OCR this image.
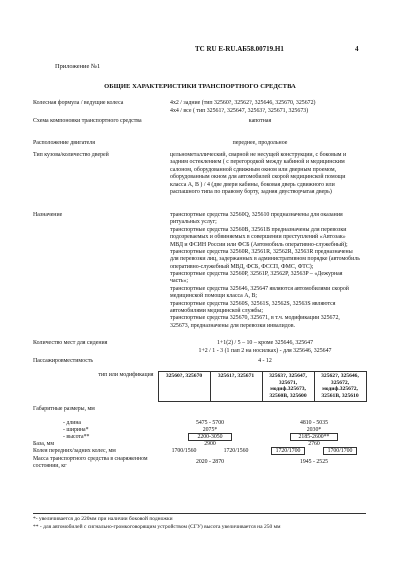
ТС RU E-RU.АБ58.00719.Н1	4
Приложение №1
ОБЩИЕ ХАРАКТЕРИСТИКИ ТРАНСПОРТНОГО СРЕДСТВА
Колесная формула / ведущие колеса	4х2 / задние (тип 32560?, 32562?, 325646, 325670, 325672)
4х4 / все ( тип 32561?, 325647, 32563?, 325671, 325673)
Схема компоновки транспортного средства	капотная
Расположение двигателя	переднее, продольное
Тип кузова/количество дверей	цельнометаллический, сварной не несущей конструкции, с боковым и задним остеклением ( с перегородкой между кабиной и медицинским салоном, оборудованной сдвижным окном или дверным проемом, оборудованным окном для автомобилей скорой медицинской помощи класса А, В ) / 4 (две двери кабины, боковая дверь сдвижного или распашного типа по правому борту, задняя двустворчатая дверь)
Назначение	транспортные средства 32560Q, 325610 предназначены для оказания ритуальных услуг;
транспортные средства 32560B, 32561B предназначены для перевозки подозреваемых и обвиняемых в совершении преступлений «Автозак» МВД и ФСИН России или ФСБ (Автомобиль оперативно-служебный);
транспортные средства 32560R, 32561R, 32562R, 32563R предназначены для перевозки лиц, задержанных в административном порядке (автомобиль оперативно-служебный МВД, ФСБ, ФССП, ФМС, ФТС);
транспортные средства 32560P, 32561P, 32562P, 32563P – «Дежурная часть»;
транспортные средства 325646, 325647 являются автомобилями скорой медицинской помощи класса А, В;
транспортные средства 32560S, 32561S, 32562S, 32563S являются автомобилями медицинской службы;
транспортные средства 325670, 325671, в т.ч. модификации 325672, 325673, предназначены для перевозки инвалидов.
Количество мест для сидения	1+1(2) / 5 – 10 – кроме 325646, 325647
1+2 / 1 - 3 (1 пап 2 на носилках) - для 325646, 325647
Пассажировместимость	4 - 12
тип или модификация	32560?, 325670	32561?, 325671	32563?, 325647, 325671, модиф.325673, 32560B, 325600	32562?, 325646, 325672, модиф.325672, 32561B, 325610

Габаритные размеры, мм				

- длина	5475 - 5700		4810 - 5035	
- ширина*	2075*		2030*	
- высота**	2200-3050		2185-2600**	
База, мм	2900		2760	
Колея передних/задних колес, мм	1700/1560	1720/1560	1720/1700	1700/1700
Масса транспортного средства в снаряженном состоянии, кг	2020 - 2870		1945 - 2525	
*- увеличивается до 220мм при наличии боковой подножки
** - для автомобилей с сигнально-громкоговорящим устройством (СГУ) высота увеличивается на 250 мм
